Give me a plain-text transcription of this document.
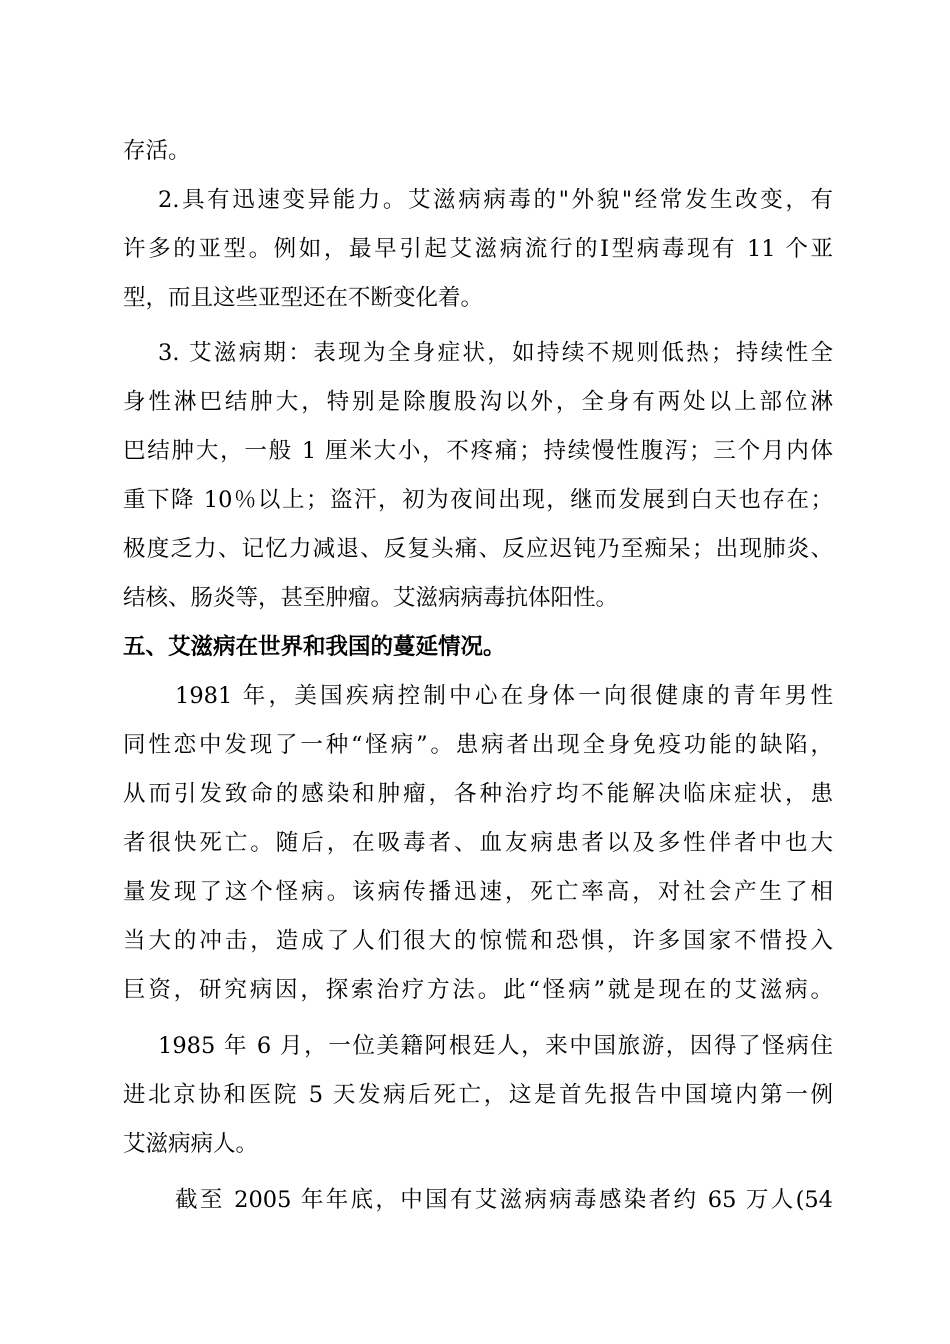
存活。
2.具有迅速变异能力。艾滋病病毒的"外貌"经常发生改变，有
许多的亚型。例如，最早引起艾滋病流行的Ⅰ型病毒现有 11 个亚
型，而且这些亚型还在不断变化着。
3. 艾滋病期：表现为全身症状，如持续不规则低热；持续性全
身性淋巴结肿大，特别是除腹股沟以外，全身有两处以上部位淋
巴结肿大，一般 1 厘米大小，不疼痛；持续慢性腹泻；三个月内体
重下降 10％以上；盗汗，初为夜间出现，继而发展到白天也存在；
极度乏力、记忆力减退、反复头痛、反应迟钝乃至痴呆；出现肺炎、
结核、肠炎等，甚至肿瘤。艾滋病病毒抗体阳性。
五、艾滋病在世界和我国的蔓延情况。
1981 年，美国疾病控制中心在身体一向很健康的青年男性
同性恋中发现了一种“怪病”。患病者出现全身免疫功能的缺陷，
从而引发致命的感染和肿瘤，各种治疗均不能解决临床症状，患
者很快死亡。随后，在吸毒者、血友病患者以及多性伴者中也大
量发现了这个怪病。该病传播迅速，死亡率高，对社会产生了相
当大的冲击，造成了人们很大的惊慌和恐惧，许多国家不惜投入
巨资，研究病因，探索治疗方法。此“怪病”就是现在的艾滋病。
1985 年 6 月，一位美籍阿根廷人，来中国旅游，因得了怪病住
进北京协和医院 5 天发病后死亡，这是首先报告中国境内第一例
艾滋病病人。
截至 2005 年年底，中国有艾滋病病毒感染者约 65 万人(54
